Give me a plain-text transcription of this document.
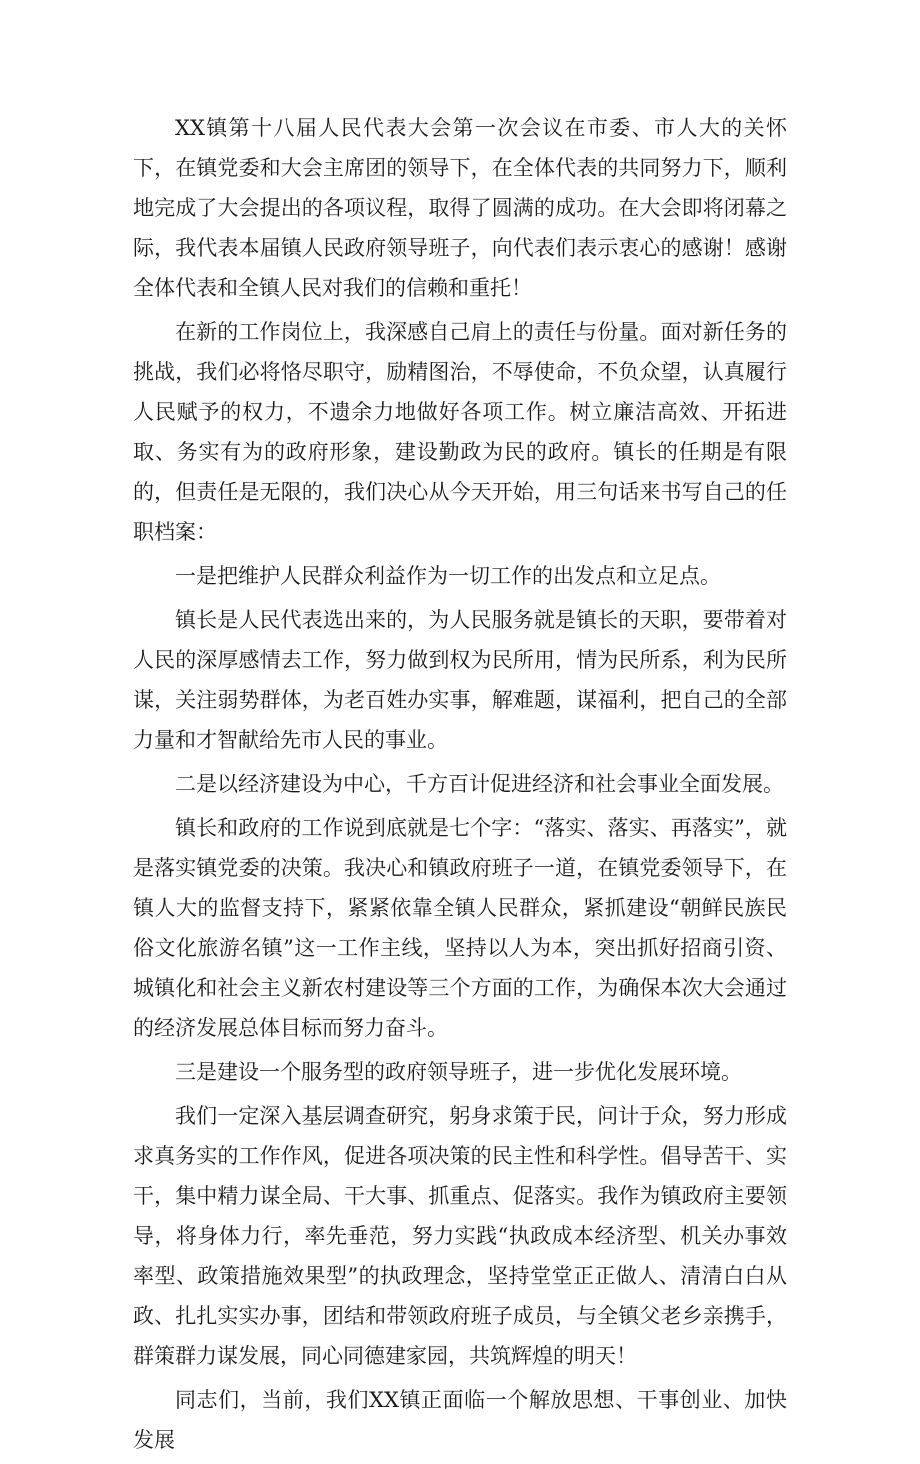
XX镇第十八届人民代表大会第一次会议在市委、市人大的关怀下，在镇党委和大会主席团的领导下，在全体代表的共同努力下，顺利地完成了大会提出的各项议程，取得了圆满的成功。在大会即将闭幕之际，我代表本届镇人民政府领导班子，向代表们表示衷心的感谢！感谢全体代表和全镇人民对我们的信赖和重托！

在新的工作岗位上，我深感自己肩上的责任与份量。面对新任务的挑战，我们必将恪尽职守，励精图治，不辱使命，不负众望，认真履行人民赋予的权力，不遗余力地做好各项工作。树立廉洁高效、开拓进取、务实有为的政府形象，建设勤政为民的政府。镇长的任期是有限的，但责任是无限的，我们决心从今天开始，用三句话来书写自己的任职档案：

一是把维护人民群众利益作为一切工作的出发点和立足点。

镇长是人民代表选出来的，为人民服务就是镇长的天职，要带着对人民的深厚感情去工作，努力做到权为民所用，情为民所系，利为民所谋，关注弱势群体，为老百姓办实事，解难题，谋福利，把自己的全部力量和才智献给先市人民的事业。

二是以经济建设为中心，千方百计促进经济和社会事业全面发展。

镇长和政府的工作说到底就是七个字：“落实、落实、再落实”，就是落实镇党委的决策。我决心和镇政府班子一道，在镇党委领导下，在镇人大的监督支持下，紧紧依靠全镇人民群众，紧抓建设“朝鲜民族民俗文化旅游名镇”这一工作主线，坚持以人为本，突出抓好招商引资、城镇化和社会主义新农村建设等三个方面的工作，为确保本次大会通过的经济发展总体目标而努力奋斗。

三是建设一个服务型的政府领导班子，进一步优化发展环境。

我们一定深入基层调查研究，躬身求策于民，问计于众，努力形成求真务实的工作作风，促进各项决策的民主性和科学性。倡导苦干、实干，集中精力谋全局、干大事、抓重点、促落实。我作为镇政府主要领导，将身体力行，率先垂范，努力实践“执政成本经济型、机关办事效率型、政策措施效果型”的执政理念，坚持堂堂正正做人、清清白白从政、扎扎实实办事，团结和带领政府班子成员，与全镇父老乡亲携手，群策群力谋发展，同心同德建家园，共筑辉煌的明天！

同志们，当前，我们XX镇正面临一个解放思想、干事创业、加快发展
